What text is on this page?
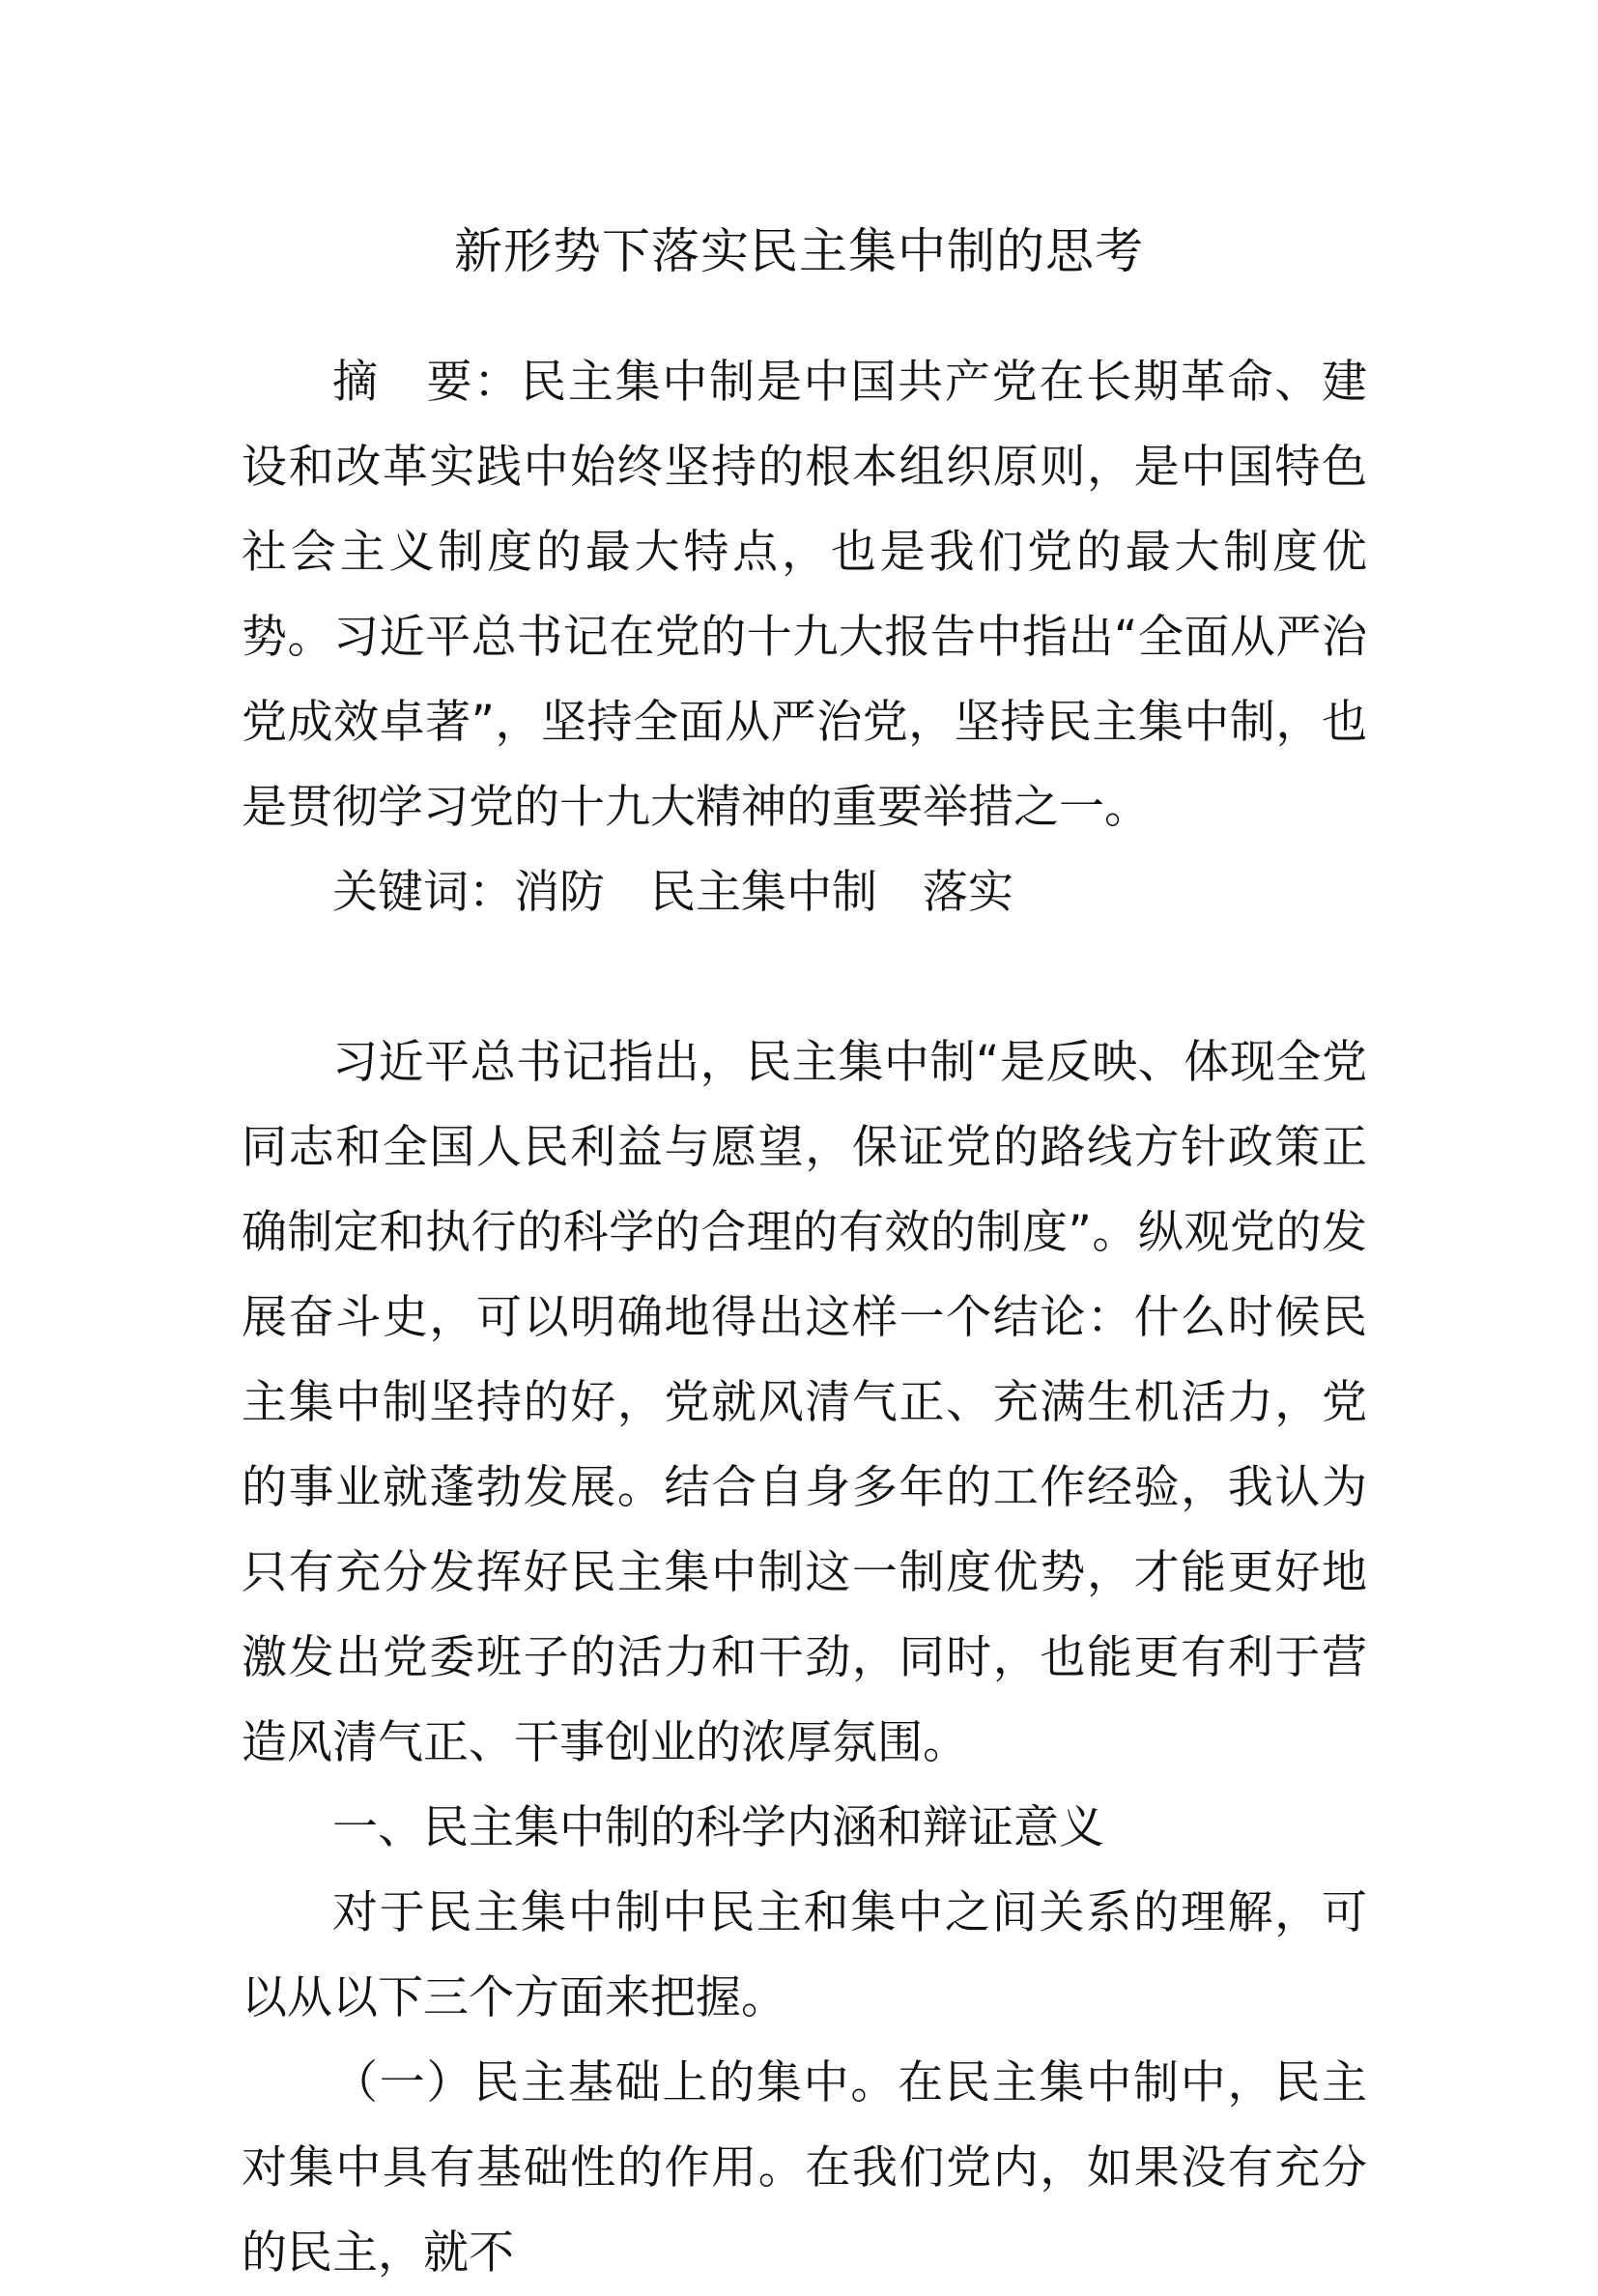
新形势下落实民主集中制的思考

摘　要：民主集中制是中国共产党在长期革命、建设和改革实践中始终坚持的根本组织原则，是中国特色社会主义制度的最大特点，也是我们党的最大制度优势。习近平总书记在党的十九大报告中指出“全面从严治党成效卓著”，坚持全面从严治党，坚持民主集中制，也是贯彻学习党的十九大精神的重要举措之一。

关键词：消防　民主集中制　落实

习近平总书记指出，民主集中制“是反映、体现全党同志和全国人民利益与愿望，保证党的路线方针政策正确制定和执行的科学的合理的有效的制度”。纵观党的发展奋斗史，可以明确地得出这样一个结论：什么时候民主集中制坚持的好，党就风清气正、充满生机活力，党的事业就蓬勃发展。结合自身多年的工作经验，我认为只有充分发挥好民主集中制这一制度优势，才能更好地激发出党委班子的活力和干劲，同时，也能更有利于营造风清气正、干事创业的浓厚氛围。

一、民主集中制的科学内涵和辩证意义

对于民主集中制中民主和集中之间关系的理解，可以从以下三个方面来把握。

（一）民主基础上的集中。在民主集中制中，民主对集中具有基础性的作用。在我们党内，如果没有充分的民主，就不
